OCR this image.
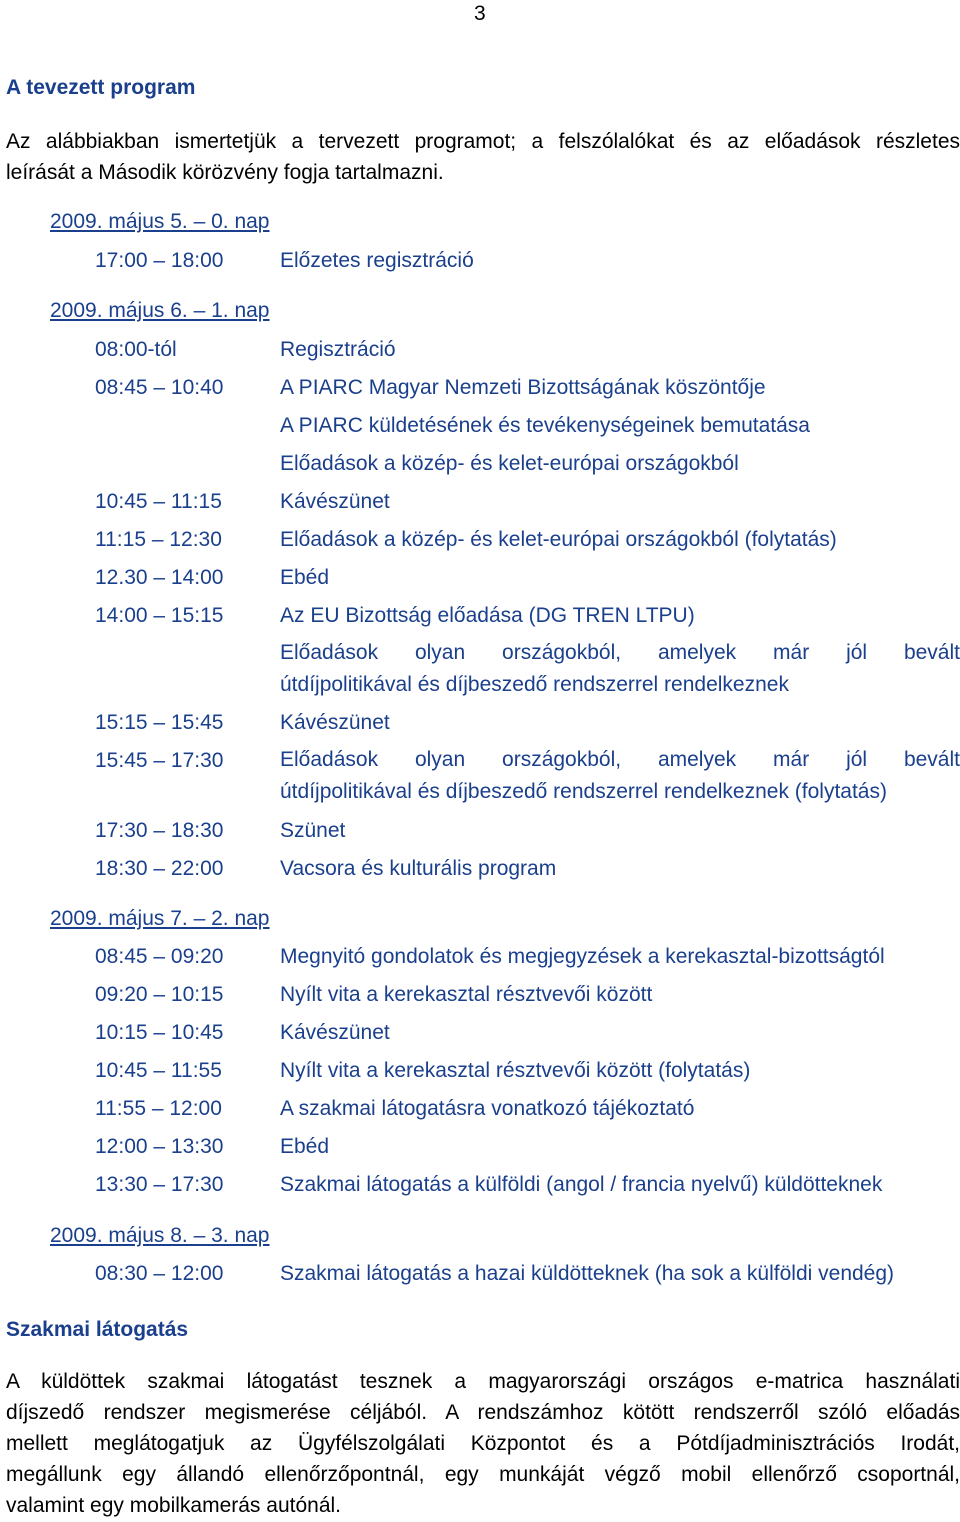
3
A tevezett program
Az alábbiakban ismertetjük a tervezett programot; a felszólalókat és az előadások részletes
leírását a Második körözvény fogja tartalmazni.
2009. május 5. – 0. nap
17:00 – 18:00	Előzetes regisztráció
2009. május 6. – 1. nap
08:00-tól	Regisztráció
08:45 – 10:40	A PIARC Magyar Nemzeti Bizottságának köszöntője
A PIARC küldetésének és tevékenységeinek bemutatása
Előadások a közép- és kelet-európai országokból
10:45 – 11:15	Kávészünet
11:15 – 12:30	Előadások a közép- és kelet-európai országokból (folytatás)
12.30 – 14:00	Ebéd
14:00 – 15:15	Az EU Bizottság előadása (DG TREN LTPU)
Előadások olyan országokból, amelyek már jól bevált
útdíjpolitikával és díjbeszedő rendszerrel rendelkeznek
15:15 – 15:45	Kávészünet
15:45 – 17:30	Előadások olyan országokból, amelyek már jól bevált
útdíjpolitikával és díjbeszedő rendszerrel rendelkeznek (folytatás)
17:30 – 18:30	Szünet
18:30 – 22:00	Vacsora és kulturális program
2009. május 7. – 2. nap
08:45 – 09:20	Megnyitó gondolatok és megjegyzések a kerekasztal-bizottságtól
09:20 – 10:15	Nyílt vita a kerekasztal résztvevői között
10:15 – 10:45	Kávészünet
10:45 – 11:55	Nyílt vita a kerekasztal résztvevői között (folytatás)
11:55 – 12:00	A szakmai látogatásra vonatkozó tájékoztató
12:00 – 13:30	Ebéd
13:30 – 17:30	Szakmai látogatás a külföldi (angol / francia nyelvű) küldötteknek
2009. május 8. – 3. nap
08:30 – 12:00	Szakmai látogatás a hazai küldötteknek (ha sok a külföldi vendég)
Szakmai látogatás
A küldöttek szakmai látogatást tesznek a magyarországi országos e-matrica használati
díjszedő rendszer megismerése céljából. A rendszámhoz kötött rendszerről szóló előadás
mellett meglátogatjuk az Ügyfélszolgálati Központot és a Pótdíjadminisztrációs Irodát,
megállunk egy állandó ellenőrzőpontnál, egy munkáját végző mobil ellenőrző csoportnál,
valamint egy mobilkamerás autónál.
